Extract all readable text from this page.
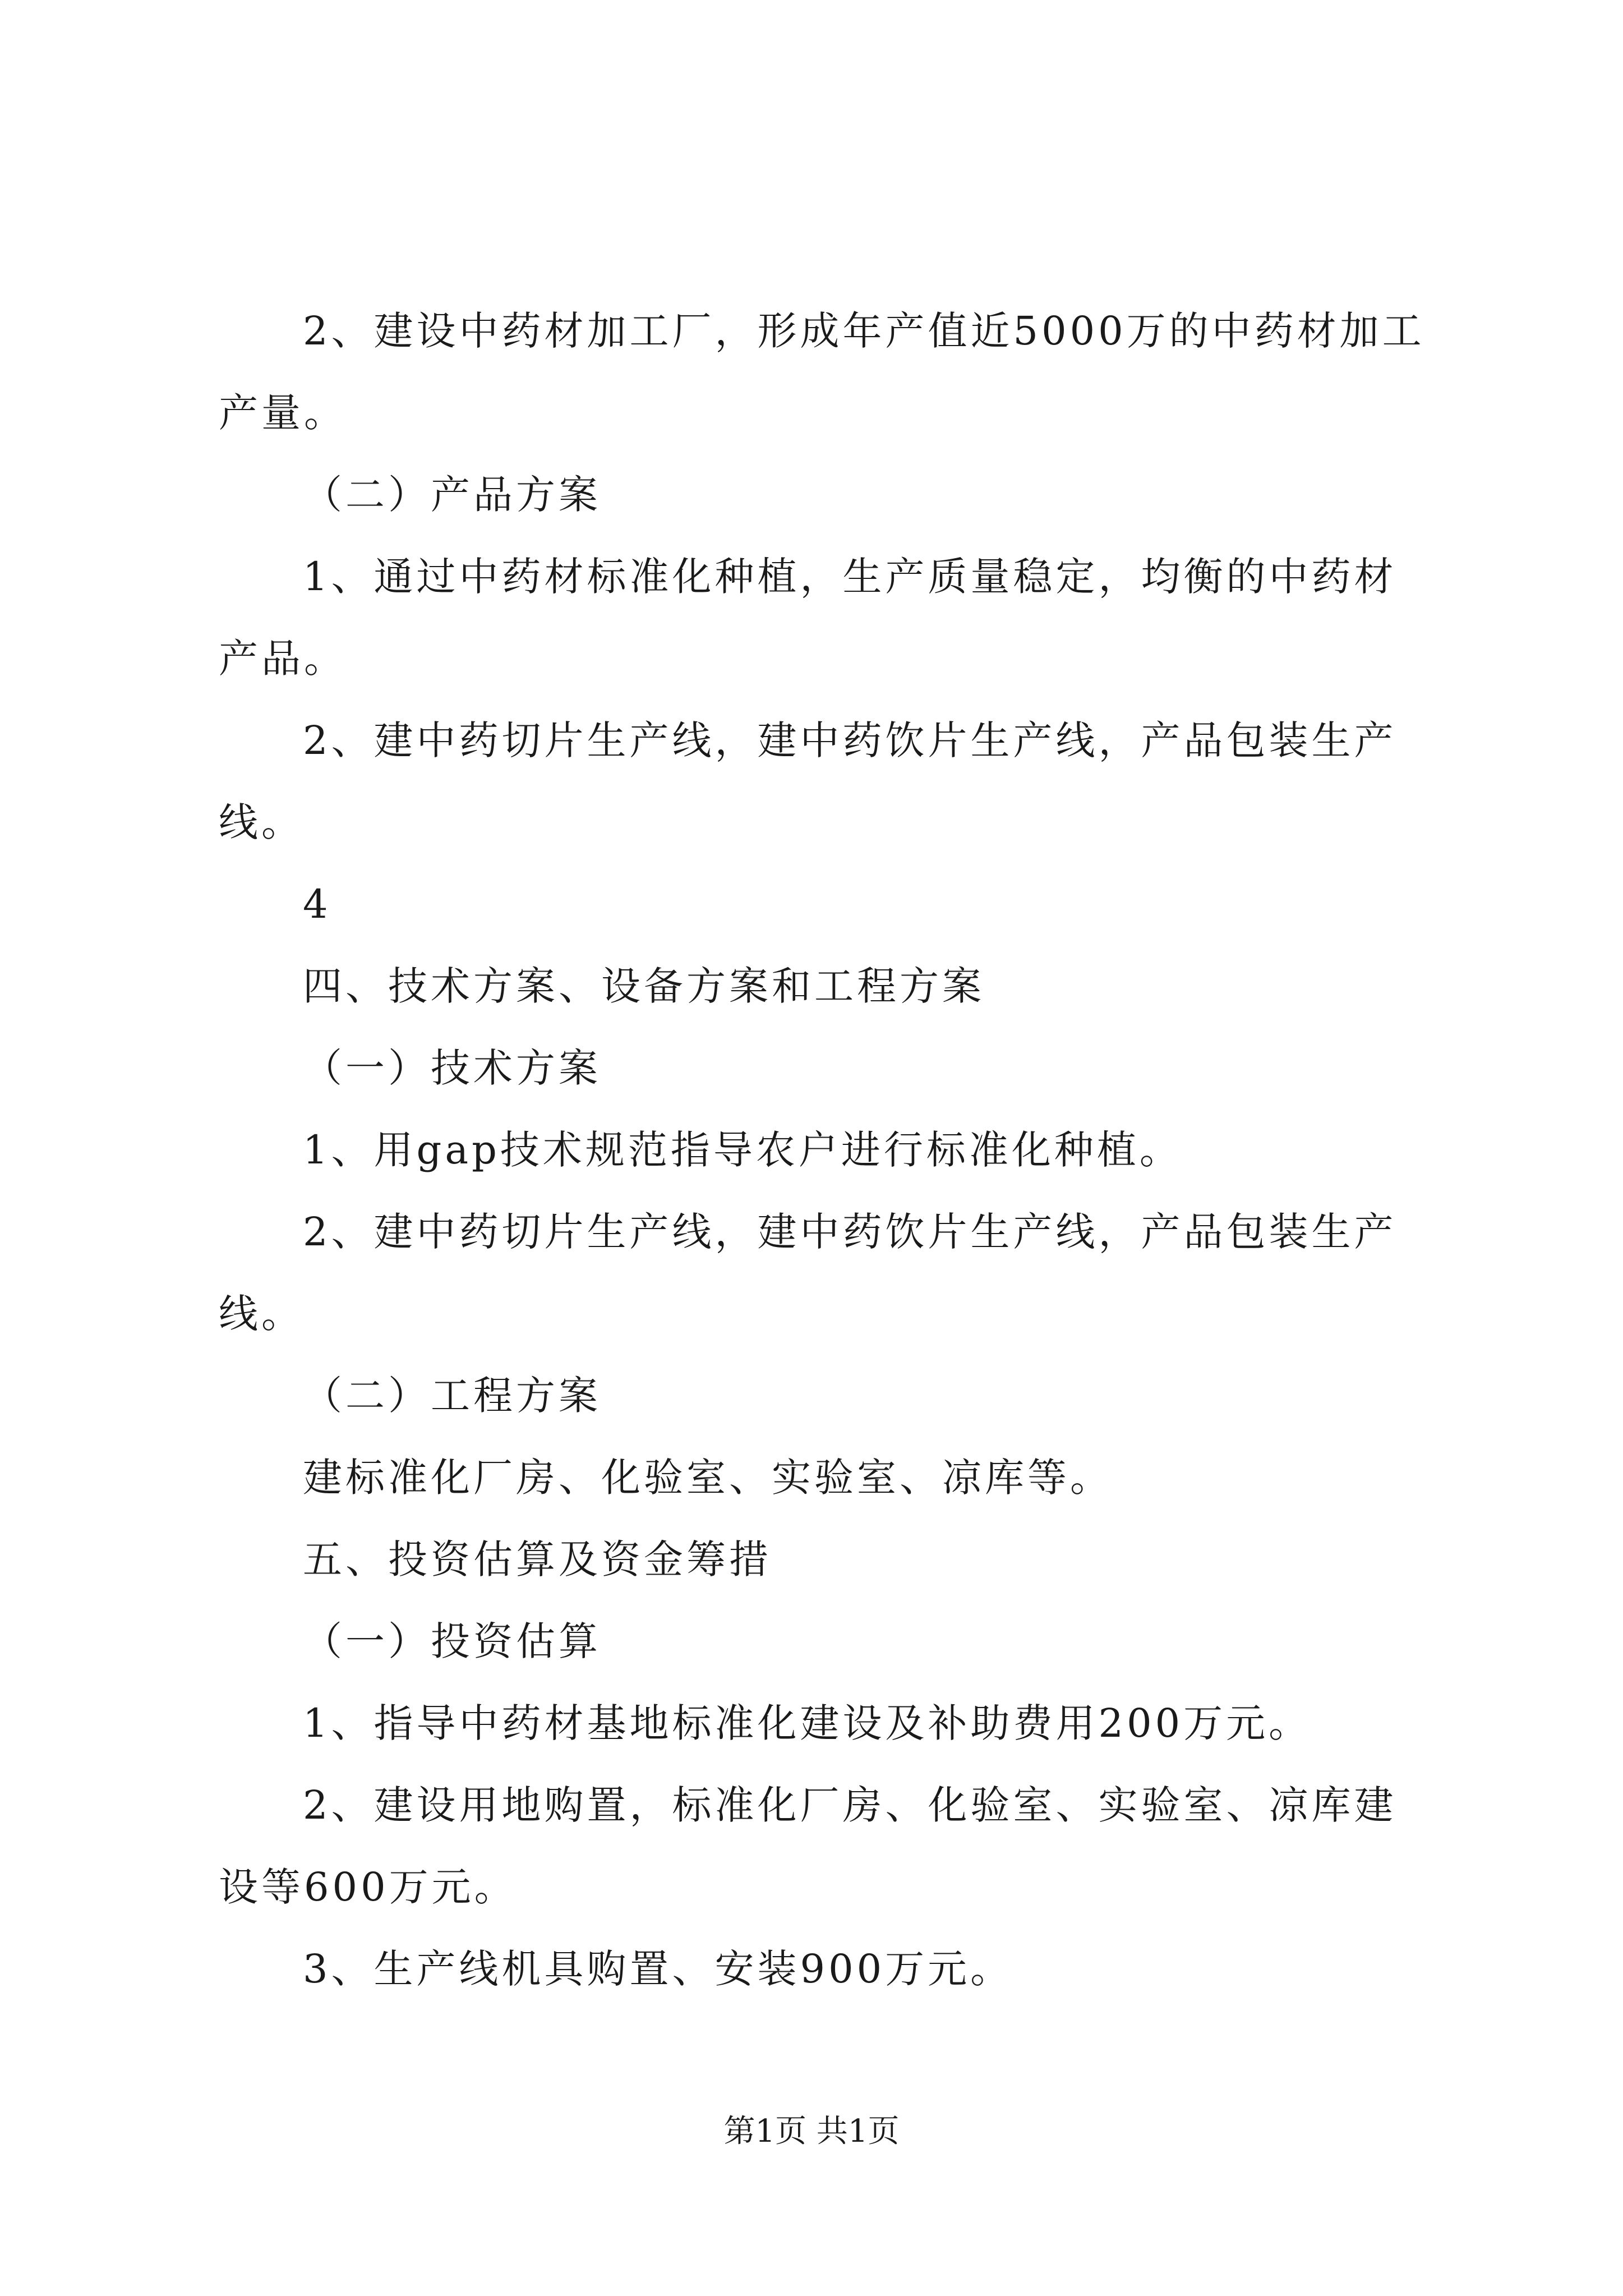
2、建设中药材加工厂，形成年产值近5000万的中药材加工
产量。
（二）产品方案
1、通过中药材标准化种植，生产质量稳定，均衡的中药材
产品。
2、建中药切片生产线，建中药饮片生产线，产品包装生产
线。
4
四、技术方案、设备方案和工程方案
（一）技术方案
1、用gap技术规范指导农户进行标准化种植。
2、建中药切片生产线，建中药饮片生产线，产品包装生产
线。
（二）工程方案
建标准化厂房、化验室、实验室、凉库等。
五、投资估算及资金筹措
（一）投资估算
1、指导中药材基地标准化建设及补助费用200万元。
2、建设用地购置，标准化厂房、化验室、实验室、凉库建
设等600万元。
3、生产线机具购置、安装900万元。
第1页 共1页
